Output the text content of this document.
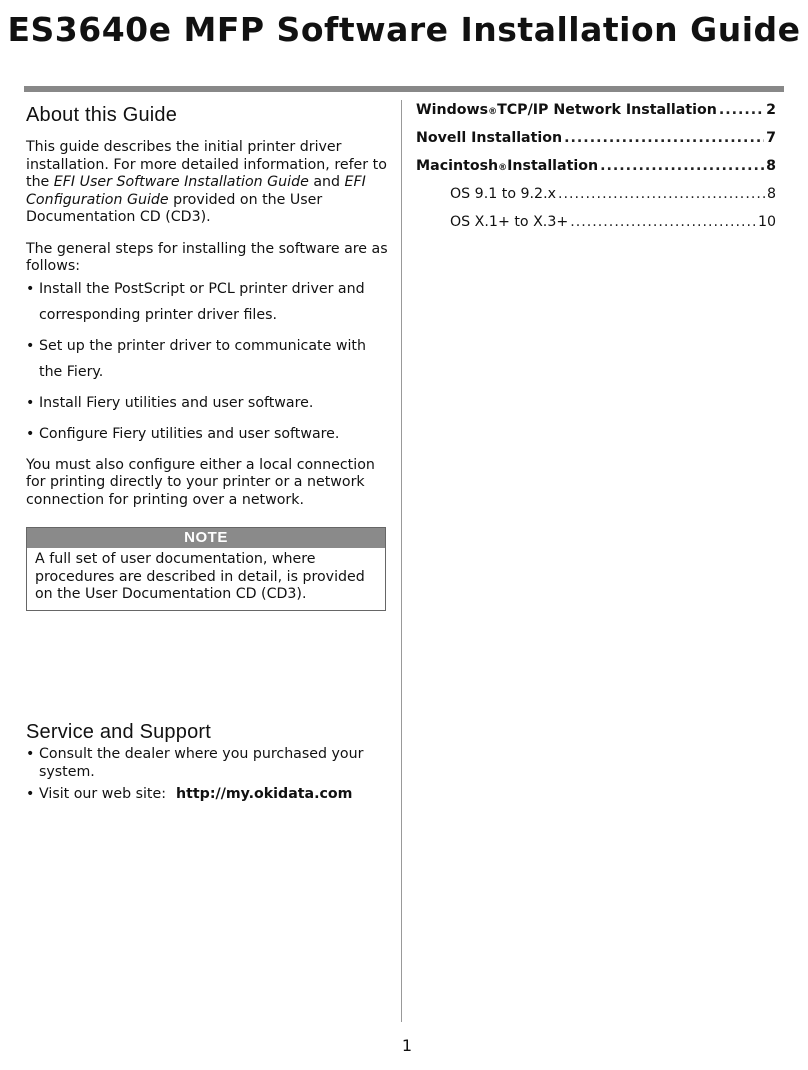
ES3640e MFP Software Installation Guide
About this Guide

This guide describes the initial printer driver installation. For more detailed information, refer to the EFI User Software Installation Guide and EFI Configuration Guide provided on the User Documentation CD (CD3).

The general steps for installing the software are as follows:

• Install the PostScript or PCL printer driver and corresponding printer driver files.
• Set up the printer driver to communicate with the Fiery.
• Install Fiery utilities and user software.
• Configure Fiery utilities and user software.

You must also configure either a local connection for printing directly to your printer or a network connection for printing over a network.

NOTE
A full set of user documentation, where procedures are described in detail, is provided on the User Documentation CD (CD3).
Service and Support
• Consult the dealer where you purchased your system.
• Visit our web site: http://my.okidata.com
Windows ® TCP/IP Network Installation .....	2
Novell Installation .....	7
Macintosh ® Installation .....	8
OS 9.1 to 9.2.x .....	8
OS X.1+ to X.3+ .....	10
1
